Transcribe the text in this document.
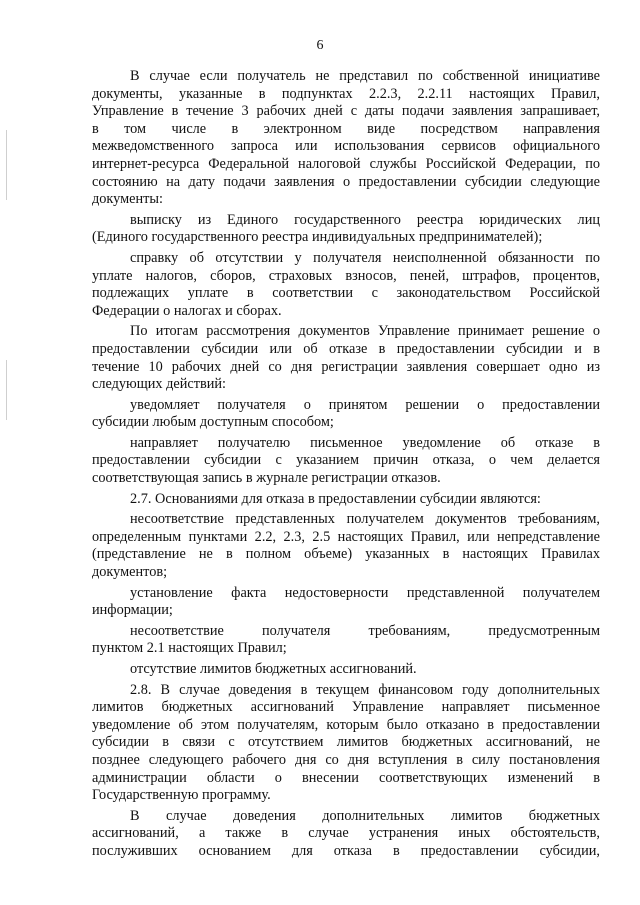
6
В случае если получатель не представил по собственной инициативе
документы, указанные в подпунктах 2.2.3, 2.2.11 настоящих Правил,
Управление в течение 3 рабочих дней с даты подачи заявления запрашивает,
в том числе в электронном виде посредством направления
межведомственного запроса или использования сервисов официального
интернет-ресурса Федеральной налоговой службы Российской Федерации, по
состоянию на дату подачи заявления о предоставлении субсидии следующие
документы:
выписку из Единого государственного реестра юридических лиц
(Единого государственного реестра индивидуальных предпринимателей);
справку об отсутствии у получателя неисполненной обязанности по
уплате налогов, сборов, страховых взносов, пеней, штрафов, процентов,
подлежащих уплате в соответствии с законодательством Российской
Федерации о налогах и сборах.
По итогам рассмотрения документов Управление принимает решение о
предоставлении субсидии или об отказе в предоставлении субсидии и в
течение 10 рабочих дней со дня регистрации заявления совершает одно из
следующих действий:
уведомляет получателя о принятом решении о предоставлении
субсидии любым доступным способом;
направляет получателю письменное уведомление об отказе в
предоставлении субсидии с указанием причин отказа, о чем делается
соответствующая запись в журнале регистрации отказов.
2.7. Основаниями для отказа в предоставлении субсидии являются:
несоответствие представленных получателем документов требованиям,
определенным пунктами 2.2, 2.3, 2.5 настоящих Правил, или непредставление
(представление не в полном объеме) указанных в настоящих Правилах
документов;
установление факта недостоверности представленной получателем
информации;
несоответствие получателя требованиям, предусмотренным
пунктом 2.1 настоящих Правил;
отсутствие лимитов бюджетных ассигнований.
2.8. В случае доведения в текущем финансовом году дополнительных
лимитов бюджетных ассигнований Управление направляет письменное
уведомление об этом получателям, которым было отказано в предоставлении
субсидии в связи с отсутствием лимитов бюджетных ассигнований, не
позднее следующего рабочего дня со дня вступления в силу постановления
администрации области о внесении соответствующих изменений в
Государственную программу.
В случае доведения дополнительных лимитов бюджетных
ассигнований, а также в случае устранения иных обстоятельств,
послуживших основанием для отказа в предоставлении субсидии,
